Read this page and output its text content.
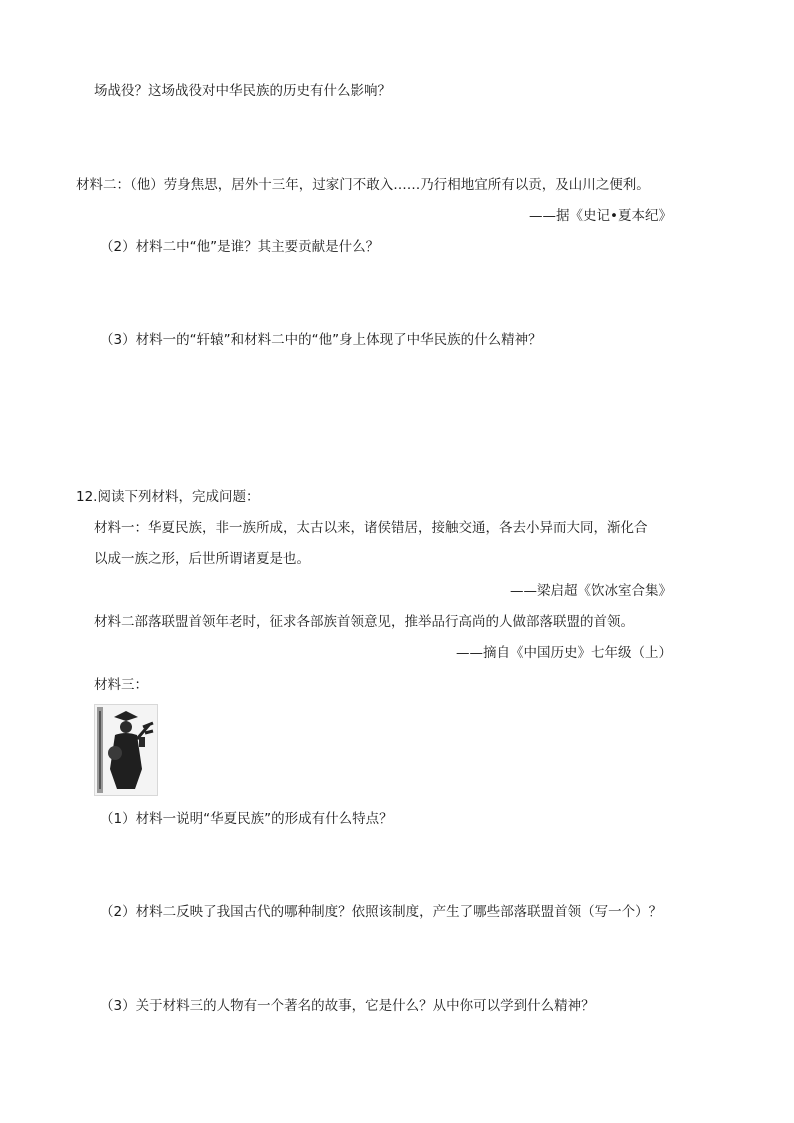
场战役？这场战役对中华民族的历史有什么影响？
材料二：（他）劳身焦思，居外十三年，过家门不敢入……乃行相地宜所有以贡，及山川之便利。
——据《史记•夏本纪》
（2）材料二中“他”是谁？其主要贡献是什么？
（3）材料一的“轩辕”和材料二中的“他”身上体现了中华民族的什么精神？
12.阅读下列材料，完成问题：
材料一：华夏民族，非一族所成，太古以来，诸侯错居，接触交通，各去小异而大同，渐化合
以成一族之形，后世所谓诸夏是也。
——梁启超《饮冰室合集》
材料二部落联盟首领年老时，征求各部族首领意见，推举品行高尚的人做部落联盟的首领。
——摘自《中国历史》七年级（上）
材料三：
（1）材料一说明“华夏民族”的形成有什么特点？
（2）材料二反映了我国古代的哪种制度？依照该制度，产生了哪些部落联盟首领（写一个）？
（3）关于材料三的人物有一个著名的故事，它是什么？从中你可以学到什么精神？
